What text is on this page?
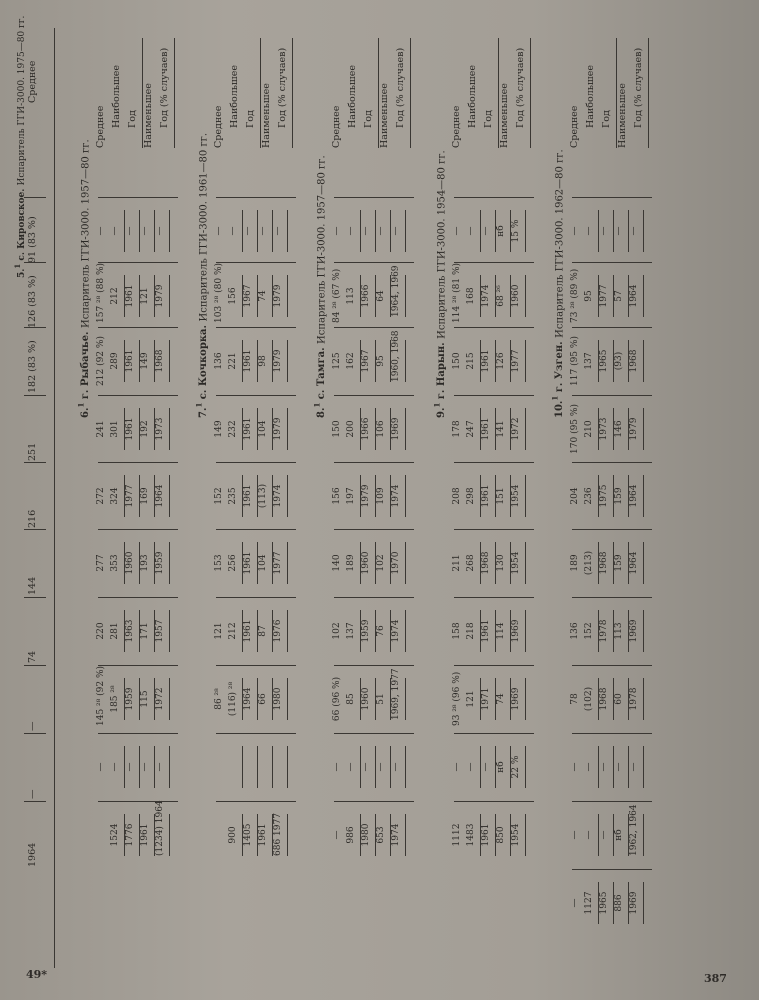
Среднее
91 (83 %)
126 (83 %)
182 (83 %)
251
216
144
74
—
—
1964
5.$^1$ с. Кировское. Испаритель ГГИ-3000. 1975—80 гг.
6.$^1$ г. Рыбачье. Испаритель ГГИ-3000. 1957—80 гг.
Среднее Наибольшее Год Наименьшее Год (% случаев)
— — — — —
157 ²⁸ (88 %) 212 1961 121 1979
212 (92 %) 289 1961 149 1968
241 301 1961 192 1973
272 324 1977 169 1964
277 353 1960 193 1959
220 281 1963 171 1957
145 ²⁸ (92 %) 185 ²⁸ 1959 115 1972
— — — — —

1524 1776 1961 (1234) 1964
7.$^1$ с. Кочкорка. Испаритель ГГИ-3000. 1961—80 гг.
Среднее Наибольшее Год Наименьшее Год (% случаев)
— — — — —
103 ²⁸ (80 %) 156 1967 74 1979
136 221 1961 98 1979
149 232 1961 104 1979
152 235 1961 (113) 1974
153 256 1961 104 1977
121 212 1961 87 1976
86 ²⁸ (116) ²⁸ 1964 66 1980

900 1405 1961 686 1977
8.$^1$ с. Тамга. Испаритель ГГИ-3000. 1957—80 гг.
Среднее Наибольшее Год Наименьшее Год (% случаев)
— — — — —
84 ²⁸ (67 %) 113 1966 64 1964, 1969
125 162 1967 95 1960, 1968
150 200 1966 106 1969
156 197 1979 109 1974
140 189 1960 102 1970
102 137 1959 76 1974
66 (96 %) 85 1960 51 1969, 1977
— — — — —
— 986 1980 653 1974
9.$^1$ г. Нарын. Испаритель ГГИ-3000. 1954—80 гг.
Среднее Наибольшее Год Наименьшее Год (% случаев)
— — — нб 15 %
114 ²⁸ (81 %) 168 1974 68 ²⁶ 1960
150 215 1961 126 1977
178 247 1961 141 1972
208 298 1961 151 1954
211 268 1968 130 1954
158 218 1961 114 1969
93 ²⁸ (96 %) 121 1971 74 1969
— — — нб 22 %
1112 1483 1961 850 1954
10.$^1$ г. Узген. Испаритель ГГИ-3000. 1962—80 гг.
Среднее Наибольшее Год Наименьшее Год (% случаев)
— — — — —
73 ²⁸ (89 %) 95 1977 57 1964
117 (95 %) 137 1965 (93) 1968
170 (95 %) 210 1973 146 1979
204 236 1975 159 1964
189 (213) 1968 159 1964
136 152 1978 113 1969
78 (102) 1968 60 1978
— — — — —
— — — нб 1962, 1964
— 1127 1965 886 1969
49*	387
